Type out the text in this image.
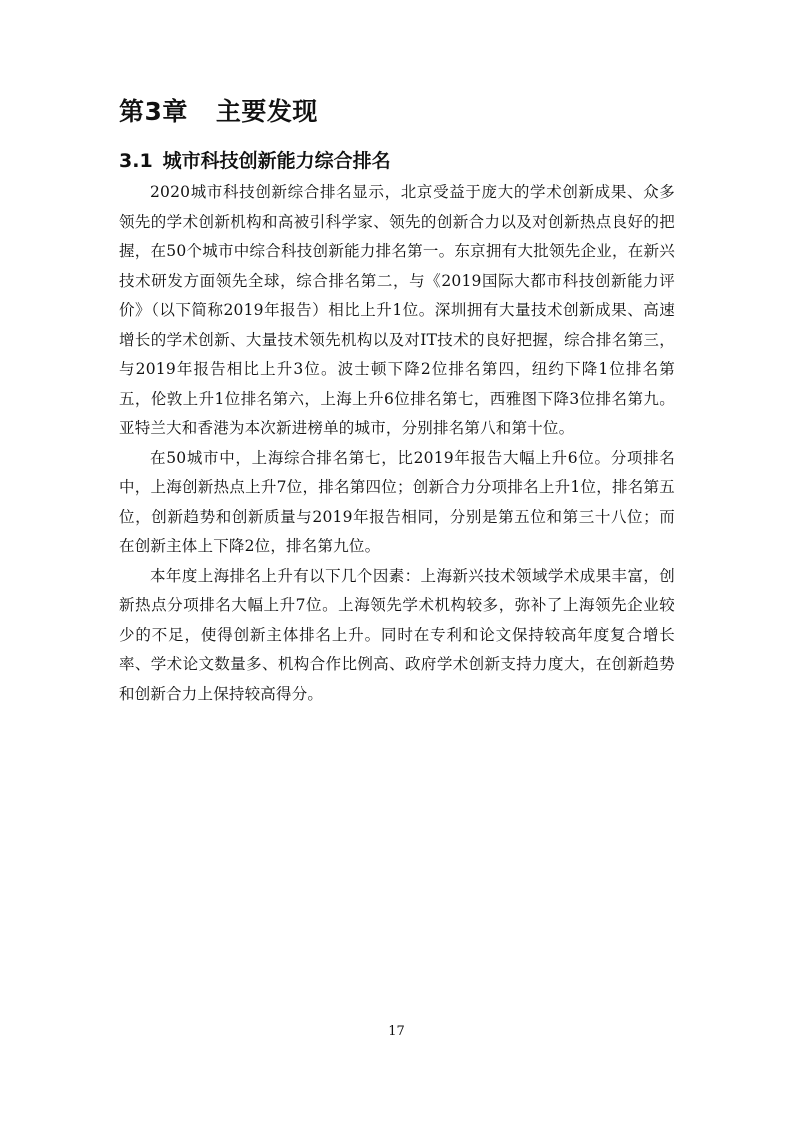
第3章 主要发现
3.1 城市科技创新能力综合排名

2020城市科技创新综合排名显示，北京受益于庞大的学术创新成果、众多领先的学术创新机构和高被引科学家、领先的创新合力以及对创新热点良好的把握，在50个城市中综合科技创新能力排名第一。东京拥有大批领先企业，在新兴技术研发方面领先全球，综合排名第二，与《2019国际大都市科技创新能力评价》（以下简称2019年报告）相比上升1位。深圳拥有大量技术创新成果、高速增长的学术创新、大量技术领先机构以及对IT技术的良好把握，综合排名第三，与2019年报告相比上升3位。波士顿下降2位排名第四，纽约下降1位排名第五，伦敦上升1位排名第六，上海上升6位排名第七，西雅图下降3位排名第九。亚特兰大和香港为本次新进榜单的城市，分别排名第八和第十位。

在50城市中，上海综合排名第七，比2019年报告大幅上升6位。分项排名中，上海创新热点上升7位，排名第四位；创新合力分项排名上升1位，排名第五位，创新趋势和创新质量与2019年报告相同，分别是第五位和第三十八位；而在创新主体上下降2位，排名第九位。

本年度上海排名上升有以下几个因素：上海新兴技术领域学术成果丰富，创新热点分项排名大幅上升7位。上海领先学术机构较多，弥补了上海领先企业较少的不足，使得创新主体排名上升。同时在专利和论文保持较高年度复合增长率、学术论文数量多、机构合作比例高、政府学术创新支持力度大，在创新趋势和创新合力上保持较高得分。

17
